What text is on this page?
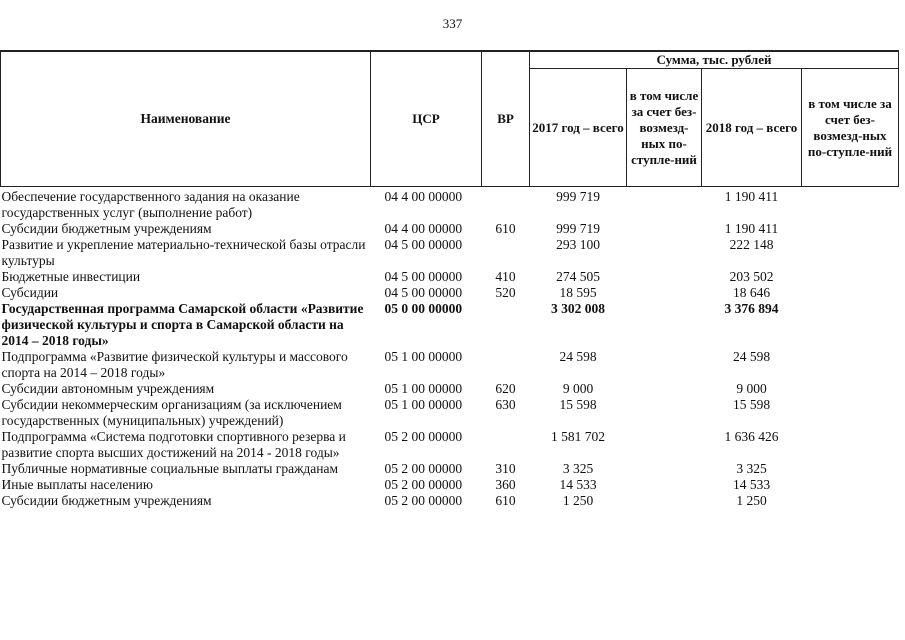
337
Наименование	ЦСР	ВР	Сумма, тыс. рублей			
			2017 год – всего	в том числе за счет без-возмезд-ных по-ступле-ний	2018 год – всего	в том числе за счет без-возмезд-ных по-ступле-ний
Обеспечение государственного задания на оказание государственных услуг (выполнение работ)	04 4 00 00000		999 719		1 190 411	
Субсидии бюджетным учреждениям	04 4 00 00000	610	999 719		1 190 411	
Развитие и укрепление материально-технической базы отрасли культуры	04 5 00 00000		293 100		222 148	
Бюджетные инвестиции	04 5 00 00000	410	274 505		203 502	
Субсидии	04 5 00 00000	520	18 595		18 646	
Государственная программа Самарской области «Развитие физической культуры и спорта в Самарской области на 2014 – 2018 годы»	05 0 00 00000		3 302 008		3 376 894	
Подпрограмма «Развитие физической культуры и массового спорта на 2014 – 2018 годы»	05 1 00 00000		24 598		24 598	
Субсидии автономным учреждениям	05 1 00 00000	620	9 000		9 000	
Субсидии некоммерческим организациям (за исключением государственных (муниципальных) учреждений)	05 1 00 00000	630	15 598		15 598	
Подпрограмма «Система подготовки спортивного резерва и развитие спорта высших достижений на 2014 - 2018 годы»	05 2 00 00000		1 581 702		1 636 426	
Публичные нормативные социальные выплаты гражданам	05 2 00 00000	310	3 325		3 325	
Иные выплаты населению	05 2 00 00000	360	14 533		14 533	
Субсидии бюджетным учреждениям	05 2 00 00000	610	1 250		1 250	
